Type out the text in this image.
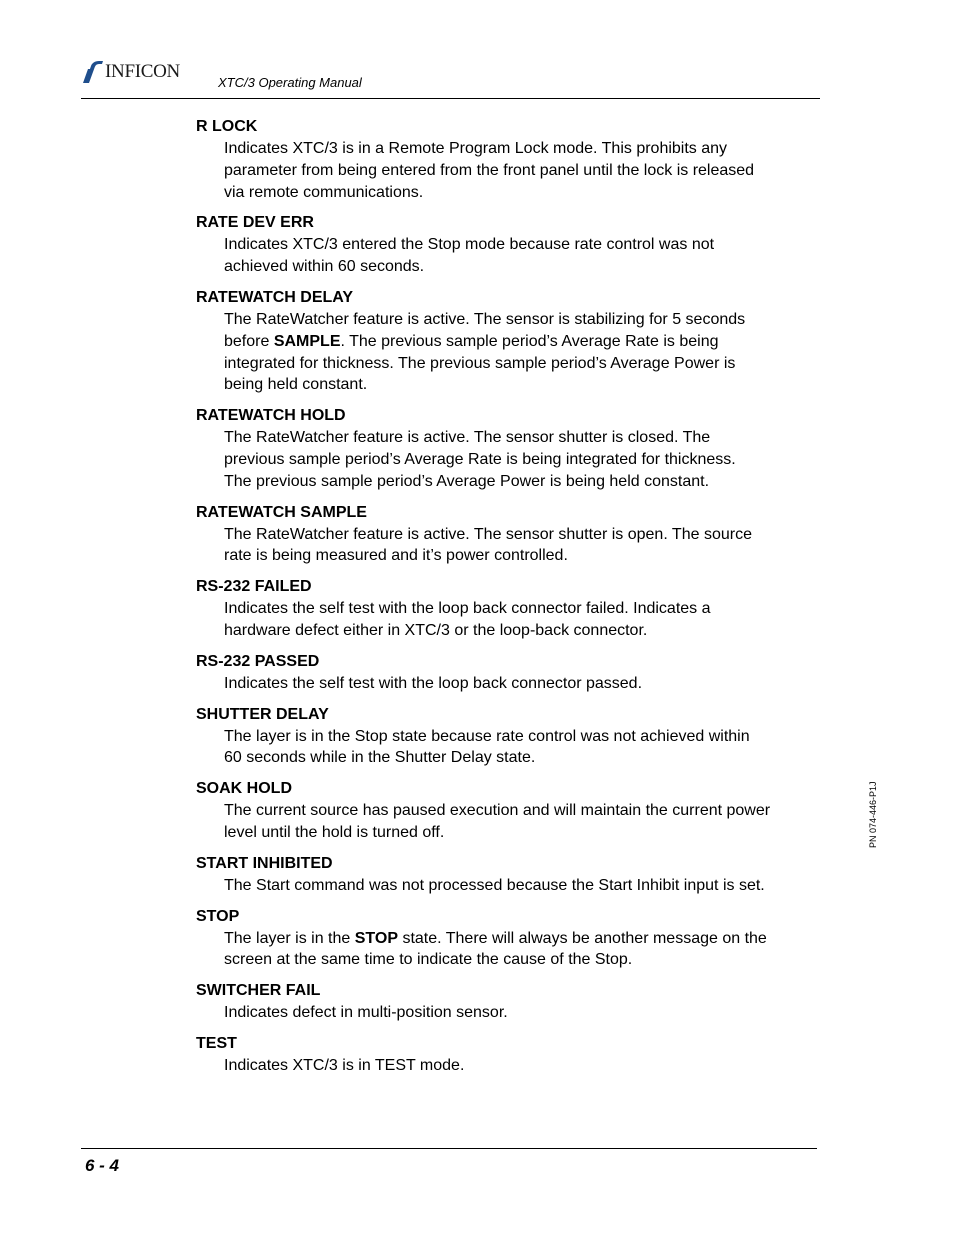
INFICON
XTC/3 Operating Manual
R LOCK
Indicates XTC/3 is in a Remote Program Lock mode. This prohibits any
parameter from being entered from the front panel until the lock is released
via remote communications.
RATE DEV ERR
Indicates XTC/3 entered the Stop mode because rate control was not
achieved within 60 seconds.
RATEWATCH DELAY
The RateWatcher feature is active. The sensor is stabilizing for 5 seconds
before SAMPLE. The previous sample period’s Average Rate is being
integrated for thickness. The previous sample period’s Average Power is
being held constant.
RATEWATCH HOLD
The RateWatcher feature is active. The sensor shutter is closed. The
previous sample period’s Average Rate is being integrated for thickness.
The previous sample period’s Average Power is being held constant.
RATEWATCH SAMPLE
The RateWatcher feature is active. The sensor shutter is open. The source
rate is being measured and it’s power controlled.
RS-232 FAILED
Indicates the self test with the loop back connector failed. Indicates a
hardware defect either in XTC/3 or the loop-back connector.
RS-232 PASSED
Indicates the self test with the loop back connector passed.
SHUTTER DELAY
The layer is in the Stop state because rate control was not achieved within
60 seconds while in the Shutter Delay state.
SOAK HOLD
The current source has paused execution and will maintain the current power
level until the hold is turned off.
START INHIBITED
The Start command was not processed because the Start Inhibit input is set.
STOP
The layer is in the STOP state. There will always be another message on the
screen at the same time to indicate the cause of the Stop.
SWITCHER FAIL
Indicates defect in multi-position sensor.
TEST
Indicates XTC/3 is in TEST mode.
PN 074-446-P1J
6 - 4
